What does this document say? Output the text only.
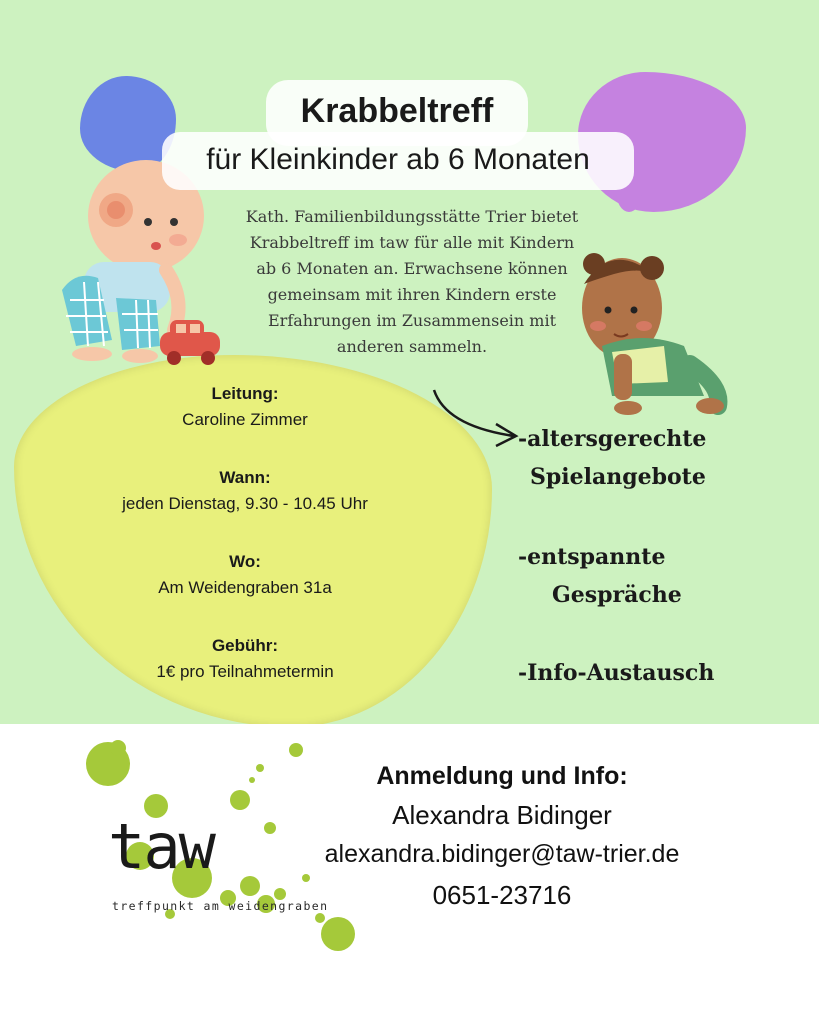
Krabbeltreff
für Kleinkinder ab 6 Monaten
Kath. Familienbildungsstätte Trier bietet
Krabbeltreff im taw für alle mit Kindern
ab 6 Monaten an. Erwachsene können
gemeinsam mit ihren Kindern erste
Erfahrungen im Zusammensein mit
anderen sammeln.
Leitung:
Caroline Zimmer
Wann:
jeden Dienstag, 9.30 - 10.45 Uhr
Wo:
Am Weidengraben 31a
Gebühr:
1€ pro Teilnahmetermin
-altersgerechte
Spielangebote
-entspannte
Gespräche
-Info-Austausch
taw
treffpunkt am weidengraben
Anmeldung und Info:
Alexandra Bidinger
alexandra.bidinger@taw-trier.de
0651-23716
